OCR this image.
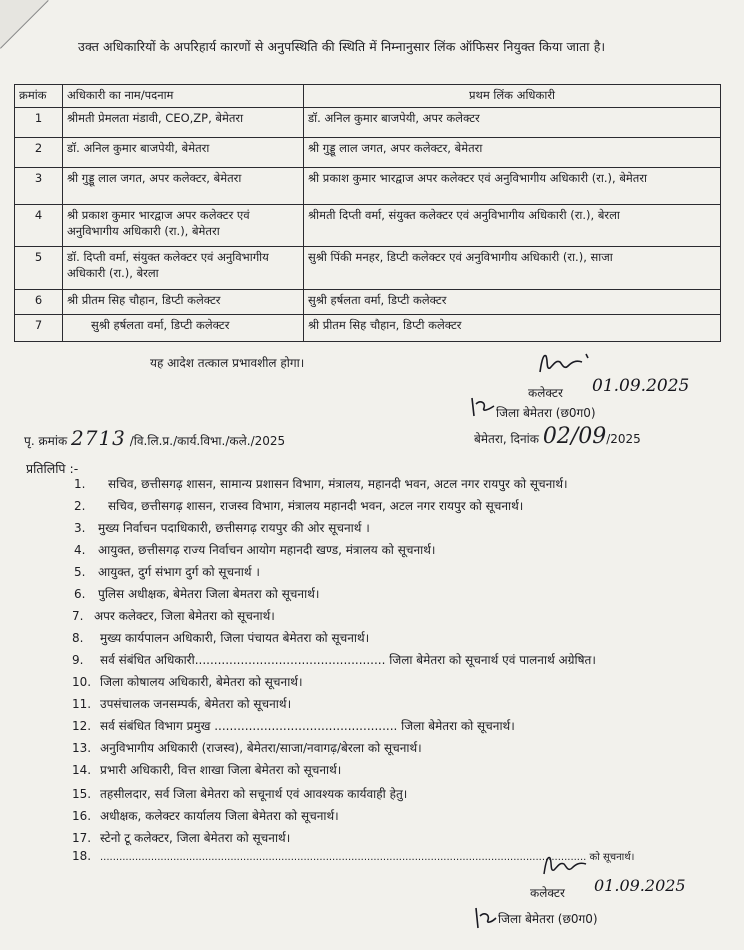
उक्त अधिकारियों के अपरिहार्य कारणों से अनुपस्थिति की स्थिति में निम्नानुसार लिंक ऑफिसर नियुक्त किया जाता है।
क्रमांक	अधिकारी का नाम/पदनाम	प्रथम लिंक अधिकारी
1	श्रीमती प्रेमलता मंडावी, CEO,ZP, बेमेतरा	डॉ. अनिल कुमार बाजपेयी, अपर कलेक्टर
2	डॉ. अनिल कुमार बाजपेयी, बेमेतरा	श्री गुड्डू लाल जगत, अपर कलेक्टर, बेमेतरा
3	श्री गुड्डू लाल जगत, अपर कलेक्टर, बेमेतरा	श्री प्रकाश कुमार भारद्वाज अपर कलेक्टर एवं अनुविभागीय अधिकारी (रा.), बेमेतरा
4	श्री प्रकाश कुमार भारद्वाज अपर कलेक्टर एवं अनुविभागीय अधिकारी (रा.), बेमेतरा	श्रीमती दिप्ती वर्मा, संयुक्त कलेक्टर एवं अनुविभागीय अधिकारी (रा.), बेरला
5	डॉ. दिप्ती वर्मा, संयुक्त कलेक्टर एवं अनुविभागीय अधिकारी (रा.), बेरला	सुश्री पिंकी मनहर, डिप्टी कलेक्टर एवं अनुविभागीय अधिकारी (रा.), साजा
6	श्री प्रीतम सिह चौहान, डिप्टी कलेक्टर	सुश्री हर्षलता वर्मा, डिप्टी कलेक्टर
7	सुश्री हर्षलता वर्मा, डिप्टी कलेक्टर	श्री प्रीतम सिह चौहान, डिप्टी कलेक्टर
यह आदेश तत्काल प्रभावशील होगा।
कलेक्टर 01.09.2025
जिला बेमेतरा (छ0ग0)
पृ. क्रमांक 2713 /वि.लि.प्र./कार्य.विभा./कले./2025	बेमेतरा, दिनांक 02/09/2025
प्रतिलिपि :-
1. सचिव, छत्तीसगढ़ शासन, सामान्य प्रशासन विभाग, मंत्रालय, महानदी भवन, अटल नगर रायपुर को सूचनार्थ।
2. सचिव, छत्तीसगढ़ शासन, राजस्व विभाग, मंत्रालय महानदी भवन, अटल नगर रायपुर को सूचनार्थ।
3. मुख्य निर्वाचन पदाधिकारी, छत्तीसगढ़ रायपुर की ओर सूचनार्थ ।
4. आयुक्त, छत्तीसगढ़ राज्य निर्वाचन आयोग महानदी खण्ड, मंत्रालय को सूचनार्थ।
5. आयुक्त, दुर्ग संभाग दुर्ग को सूचनार्थ ।
6. पुलिस अधीक्षक, बेमेतरा जिला बेमतरा को सूचनार्थ।
7. अपर कलेक्टर, जिला बेमेतरा को सूचनार्थ।
8. मुख्य कार्यपालन अधिकारी, जिला पंचायत बेमेतरा को सूचनार्थ।
9. सर्व संबंधित अधिकारी.................................................. जिला बेमेतरा को सूचनार्थ एवं पालनार्थ अग्रेषित।
10. जिला कोषालय अधिकारी, बेमेतरा को सूचनार्थ।
11. उपसंचालक जनसम्पर्क, बेमेतरा को सूचनार्थ।
12. सर्व संबंधित विभाग प्रमुख ................................................ जिला बेमेतरा को सूचनार्थ।
13. अनुविभागीय अधिकारी (राजस्व), बेमेतरा/साजा/नवागढ़/बेरला को सूचनार्थ।
14. प्रभारी अधिकारी, वित्त शाखा जिला बेमेतरा को सूचनार्थ।
15. तहसीलदार, सर्व जिला बेमेतरा को सचूनार्थ एवं आवश्यक कार्यवाही हेतु।
16. अधीक्षक, कलेक्टर कार्यालय जिला बेमेतरा को सूचनार्थ।
17. स्टेनो टू कलेक्टर, जिला बेमेतरा को सूचनार्थ।
18. ......................................................................................................................................................... को सूचनार्थ।
कलेक्टर 01.09.2025
जिला बेमेतरा (छ0ग0)
